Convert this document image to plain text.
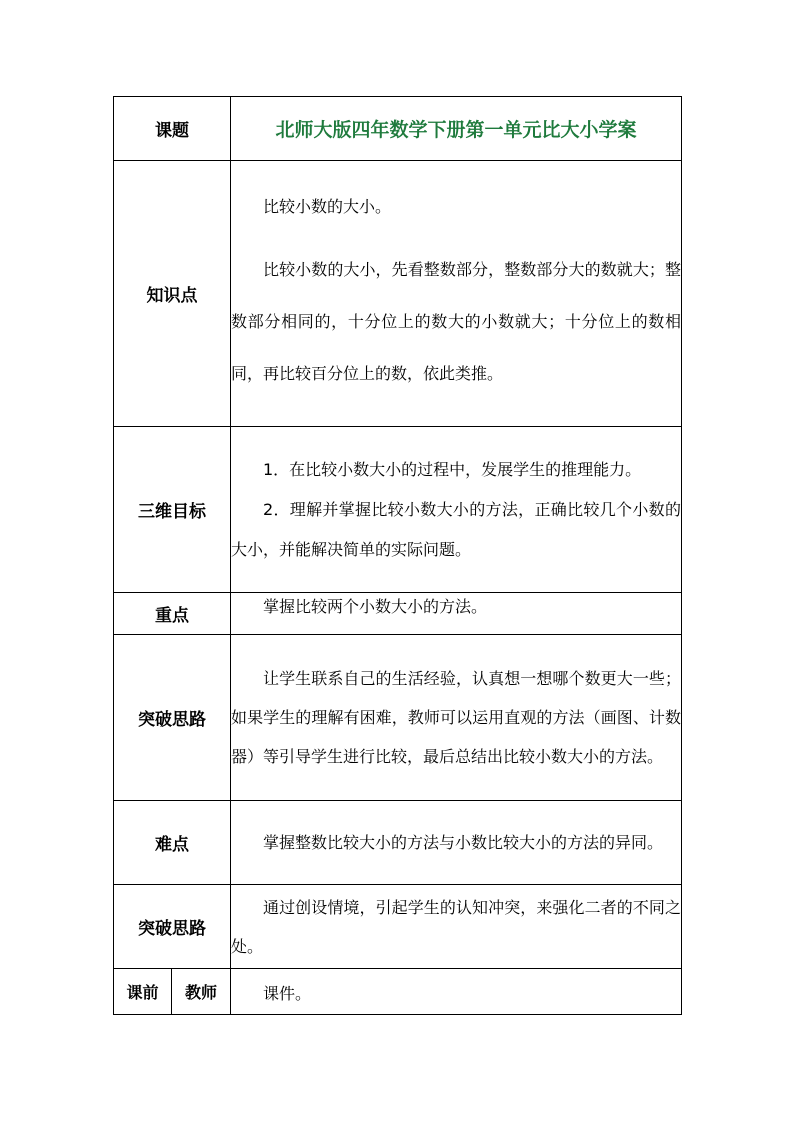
课题		北师大版四年数学下册第一单元比大小学案
知识点		比较小数的大小。

比较小数的大小，先看整数部分，整数部分大的数就大；整数部分相同的，十分位上的数大的小数就大；十分位上的数相同，再比较百分位上的数，依此类推。

三维目标		1．在比较小数大小的过程中，发展学生的推理能力。

2．理解并掌握比较小数大小的方法，正确比较几个小数的大小，并能解决简单的实际问题。

重点		掌握比较两个小数大小的方法。

突破思路		让学生联系自己的生活经验，认真想一想哪个数更大一些；如果学生的理解有困难，教师可以运用直观的方法（画图、计数器）等引导学生进行比较，最后总结出比较小数大小的方法。

难点		掌握整数比较大小的方法与小数比较大小的方法的异同。

突破思路		通过创设情境，引起学生的认知冲突，来强化二者的不同之处。

课前	教师	课件。
